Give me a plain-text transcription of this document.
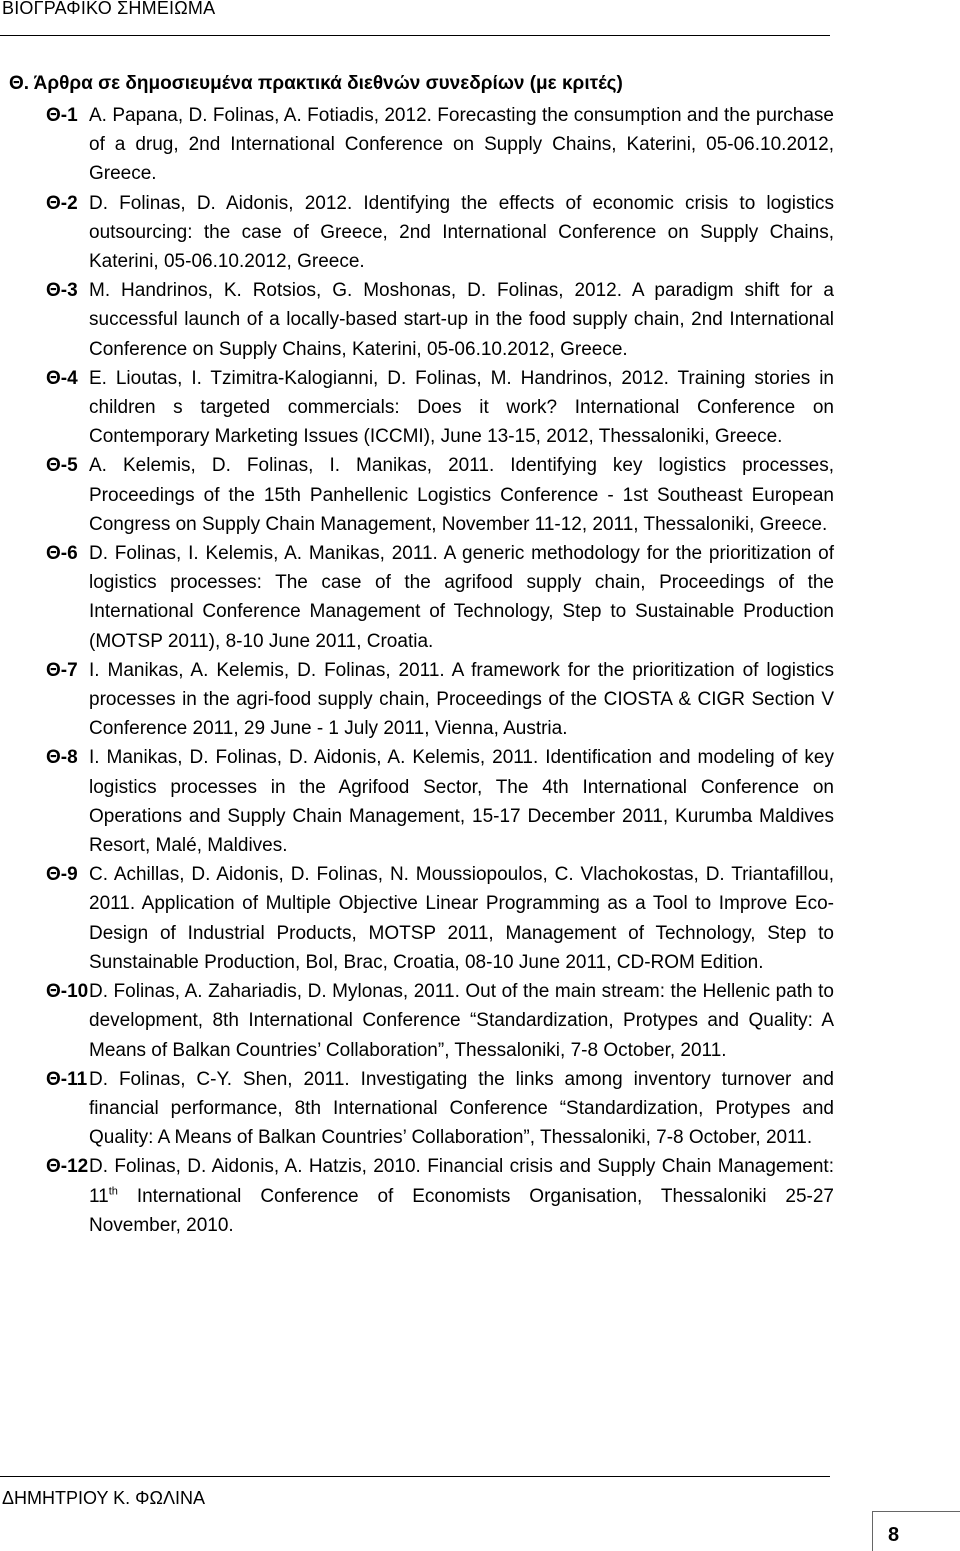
ΒΙΟΓΡΑΦΙΚΟ ΣΗΜΕΙΩΜΑ
Θ. Άρθρα σε δημοσιευμένα πρακτικά διεθνών συνεδρίων (με κριτές)
Θ-1 A. Papana, D. Folinas, A. Fotiadis, 2012. Forecasting the consumption and the purchase of a drug, 2nd International Conference on Supply Chains, Katerini, 05-06.10.2012, Greece.
Θ-2 D. Folinas, D. Aidonis, 2012. Identifying the effects of economic crisis to logistics outsourcing: the case of Greece, 2nd International Conference on Supply Chains, Katerini, 05-06.10.2012, Greece.
Θ-3 M. Handrinos, K. Rotsios, G. Moshonas, D. Folinas, 2012. A paradigm shift for a successful launch of a locally-based start-up in the food supply chain, 2nd International Conference on Supply Chains, Katerini, 05-06.10.2012, Greece.
Θ-4 E. Lioutas, I. Tzimitra-Kalogianni, D. Folinas, M. Handrinos, 2012. Training stories in children s targeted commercials: Does it work? International Conference on Contemporary Marketing Issues (ICCMI), June 13-15, 2012, Thessaloniki, Greece.
Θ-5 A. Kelemis, D. Folinas, I. Manikas, 2011. Identifying key logistics processes, Proceedings of the 15th Panhellenic Logistics Conference - 1st Southeast European Congress on Supply Chain Management, November 11-12, 2011, Thessaloniki, Greece.
Θ-6 D. Folinas, I. Kelemis, A. Manikas, 2011. A generic methodology for the prioritization of logistics processes: The case of the agrifood supply chain, Proceedings of the International Conference Management of Technology, Step to Sustainable Production (MOTSP 2011), 8-10 June 2011, Croatia.
Θ-7 I. Manikas, A. Kelemis, D. Folinas, 2011. A framework for the prioritization of logistics processes in the agri-food supply chain, Proceedings of the CIOSTA & CIGR Section V Conference 2011, 29 June - 1 July 2011, Vienna, Austria.
Θ-8 I. Manikas, D. Folinas, D. Aidonis, A. Kelemis, 2011. Identification and modeling of key logistics processes in the Agrifood Sector, The 4th International Conference on Operations and Supply Chain Management, 15-17 December 2011, Kurumba Maldives Resort, Malé, Maldives.
Θ-9 C. Achillas, D. Aidonis, D. Folinas, N. Moussiopoulos, C. Vlachokostas, D. Triantafillou, 2011. Application of Multiple Objective Linear Programming as a Tool to Improve Eco-Design of Industrial Products, MOTSP 2011, Management of Technology, Step to Sunstainable Production, Bol, Brac, Croatia, 08-10 June 2011, CD-ROM Edition.
Θ-10 D. Folinas, A. Zahariadis, D. Mylonas, 2011. Out of the main stream: the Hellenic path to development, 8th International Conference “Standardization, Protypes and Quality: A Means of Balkan Countries’ Collaboration”, Thessaloniki, 7-8 October, 2011.
Θ-11 D. Folinas, C-Y. Shen, 2011. Investigating the links among inventory turnover and financial performance, 8th International Conference “Standardization, Protypes and Quality: A Means of Balkan Countries’ Collaboration”, Thessaloniki, 7-8 October, 2011.
Θ-12 D. Folinas, D. Aidonis, A. Hatzis, 2010. Financial crisis and Supply Chain Management: 11th International Conference of Economists Organisation, Thessaloniki 25-27 November, 2010.
ΔΗΜΗΤΡΙΟΥ Κ. ΦΩΛΙΝΑ
8
